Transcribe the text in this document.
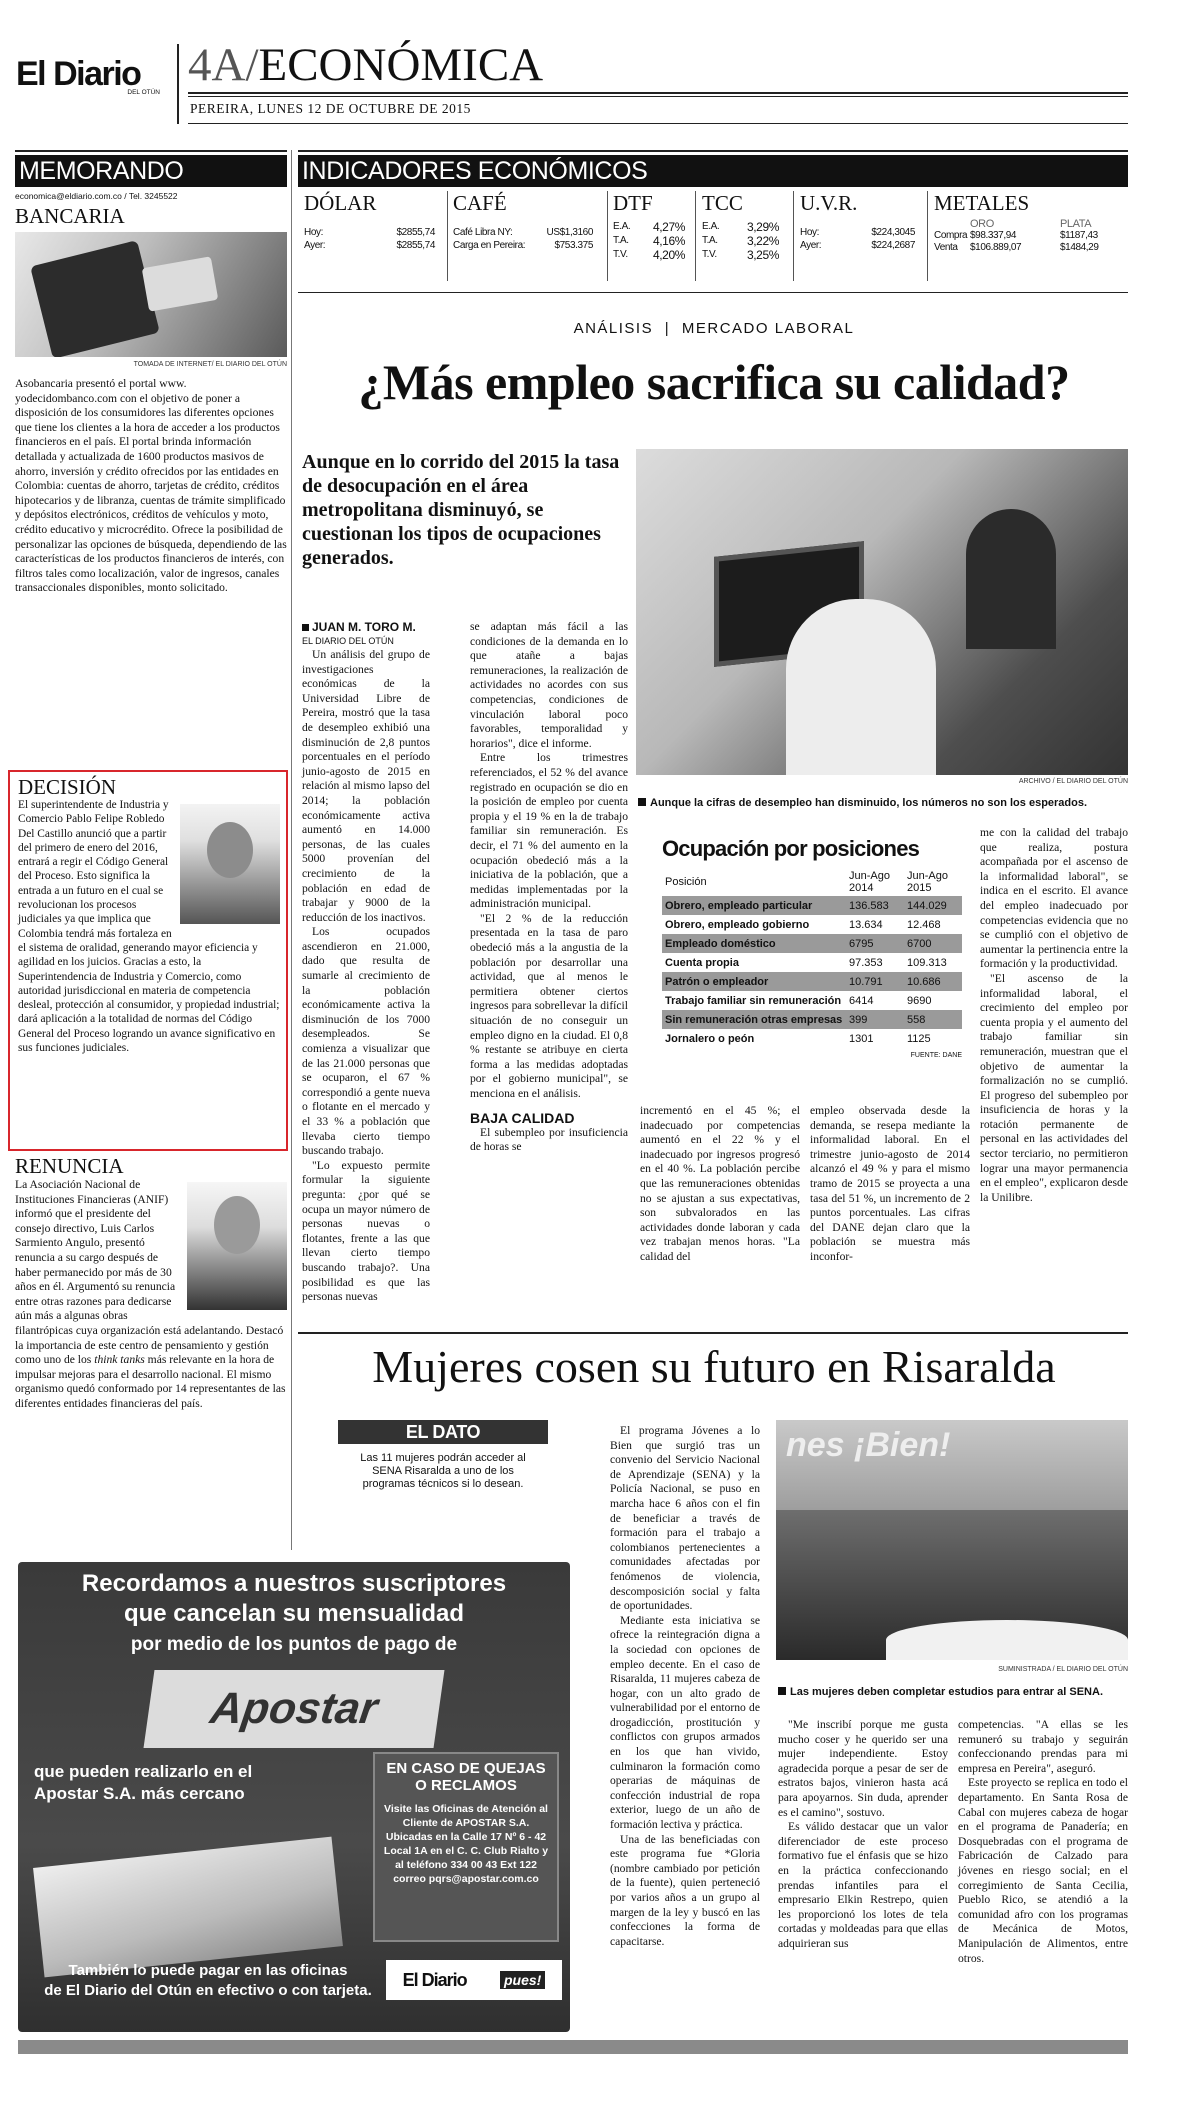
El Diario
DEL OTÚN
4A/ECONÓMICA
PEREIRA, LUNES 12 DE OCTUBRE DE 2015
MEMORANDO
economica@eldiario.com.co / Tel. 3245522
BANCARIA
TOMADA DE INTERNET/ EL DIARIO DEL OTÚN

Asobancaria presentó el portal www. yodecidombanco.com con el objetivo de poner a disposición de los consumidores las diferentes opciones que tiene los clientes a la hora de acceder a los productos financieros en el país. El portal brinda información detallada y actualizada de 1600 productos masivos de ahorro, inversión y crédito ofrecidos por las entidades en Colombia: cuentas de ahorro, tarjetas de crédito, créditos hipotecarios y de libranza, cuentas de trámite simplificado y depósitos electrónicos, créditos de vehículos y moto, crédito educativo y microcrédito. Ofrece la posibilidad de personalizar las opciones de búsqueda, dependiendo de las características de los productos financieros de interés, con filtros tales como localización, valor de ingresos, canales transaccionales disponibles, monto solicitado.

DECISIÓN

El superintendente de Industria y Comercio Pablo Felipe Robledo Del Castillo anunció que a partir del primero de enero del 2016, entrará a regir el Código General del Proceso. Esto significa la entrada a un futuro en el cual se revolucionan los procesos judiciales ya que implica que Colombia tendrá más fortaleza en el sistema de oralidad, generando mayor eficiencia y agilidad en los juicios. Gracias a esto, la Superintendencia de Industria y Comercio, como autoridad jurisdiccional en materia de competencia desleal, protección al consumidor, y propiedad industrial; dará aplicación a la totalidad de normas del Código General del Proceso logrando un avance significativo en sus funciones judiciales.

RENUNCIA

La Asociación Nacional de Instituciones Financieras (ANIF) informó que el presidente del consejo directivo, Luis Carlos Sarmiento Angulo, presentó renuncia a su cargo después de haber permanecido por más de 30 años en él. Argumentó su renuncia entre otras razones para dedicarse aún más a algunas obras filantrópicas cuya organización está adelantando. Destacó la importancia de este centro de pensamiento y gestión como uno de los think tanks más relevante en la hora de impulsar mejoras para el desarrollo nacional. El mismo organismo quedó conformado por 14 representantes de las diferentes entidades financieras del país.

INDICADORES ECONÓMICOS
DÓLAR
Hoy:	$2855,74
Ayer:	$2855,74
CAFÉ
Café Libra NY:	US$1,3160
Carga en Pereira:	$753.375
DTF
E.A. 4,27%
T.A. 4,16%
T.V. 4,20%
TCC
E.A. 3,29%
T.A. 3,22%
T.V.	3,25%
U.V.R.
Hoy:	$224,3045
Ayer:	$224,2687
METALES
ORO	PLATA
Compra $98.337,94	$1187,43
Venta	$106.889,07	$1484,29
ANÁLISIS | MERCADO LABORAL
¿Más empleo sacrifica su calidad?
Aunque en lo corrido del 2015 la tasa de desocupación en el área metropolitana disminuyó, se cuestionan los tipos de ocupaciones generados.
ARCHIVO / EL DIARIO DEL OTÚN
Aunque la cifras de desempleo han disminuido, los números no son los esperados.
JUAN M. TORO M.
EL DIARIO DEL OTÚN

Un análisis del grupo de investigaciones económicas de la Universidad Libre de Pereira, mostró que la tasa de desempleo exhibió una disminución de 2,8 puntos porcentuales en el período junio-agosto de 2015 en relación al mismo lapso del 2014; la población económicamente activa aumentó en 14.000 personas, de las cuales 5000 provenían del crecimiento de la población en edad de trabajar y 9000 de la reducción de los inactivos.

Los ocupados ascendieron en 21.000, dado que resulta de sumarle al crecimiento de la población económicamente activa la disminución de los 7000 desempleados. Se comienza a visualizar que de las 21.000 personas que se ocuparon, el 67 % correspondió a gente nueva o flotante en el mercado y el 33 % a población que llevaba cierto tiempo buscando trabajo.

"Lo expuesto permite formular la siguiente pregunta: ¿por qué se ocupa un mayor número de personas nuevas o flotantes, frente a las que llevan cierto tiempo buscando trabajo?. Una posibilidad es que las personas nuevas

se adaptan más fácil a las condiciones de la demanda en lo que atañe a bajas remuneraciones, la realización de actividades no acordes con sus competencias, condiciones de vinculación laboral poco favorables, temporalidad y horarios", dice el informe.

Entre los trimestres referenciados, el 52 % del avance registrado en ocupación se dio en la posición de empleo por cuenta propia y el 19 % en la de trabajo familiar sin remuneración. Es decir, el 71 % del aumento en la ocupación obedeció más a la iniciativa de la población, que a medidas implementadas por la administración municipal.

"El 2 % de la reducción presentada en la tasa de paro obedeció más a la angustia de la población por desarrollar una actividad, que al menos le permitiera obtener ciertos ingresos para sobrellevar la difícil situación de no conseguir un empleo digno en la ciudad. El 0,8 % restante se atribuye en cierta forma a las medidas adoptadas por el gobierno municipal", se menciona en el análisis.

BAJA CALIDAD

El subempleo por insuficiencia de horas se

Ocupación por posiciones
Posición	Jun-Ago 2014	Jun-Ago 2015
Obrero, empleado particular	136.583	144.029
Obrero, empleado gobierno	13.634	12.468
Empleado doméstico	6795	6700
Cuenta propia	97.353	109.313
Patrón o empleador	10.791	10.686
Trabajo familiar sin remuneración	6414	9690
Sin remuneración otras empresas	399	558
Jornalero o peón	1301	1125
FUENTE: DANE

incrementó en el 45 %; el inadecuado por competencias aumentó en el 22 % y el inadecuado por ingresos progresó en el 40 %. La población percibe que las remuneraciones obtenidas no se ajustan a sus expectativas, son subvalorados en las actividades donde laboran y cada vez trabajan menos horas. "La calidad del

empleo observada desde la demanda, se resepa mediante la informalidad laboral. En el trimestre junio-agosto de 2014 alcanzó el 49 % y para el mismo tramo de 2015 se proyecta a una tasa del 51 %, un incremento de 2 puntos porcentuales. Las cifras del DANE dejan claro que la población se muestra más inconfor-

me con la calidad del trabajo que realiza, postura acompañada por el ascenso de la informalidad laboral", se indica en el escrito. El avance del empleo inadecuado por competencias evidencia que no se cumplió con el objetivo de aumentar la pertinencia entre la formación y la productividad.

"El ascenso de la informalidad laboral, el crecimiento del empleo por cuenta propia y el aumento del trabajo familiar sin remuneración, muestran que el objetivo de aumentar la formalización no se cumplió. El progreso del subempleo por insuficiencia de horas y la rotación permanente de personal en las actividades del sector terciario, no permitieron lograr una mayor permanencia en el empleo", explicaron desde la Unilibre.

Mujeres cosen su futuro en Risaralda
EL DATO
Las 11 mujeres podrán acceder al SENA Risaralda a uno de los programas técnicos si lo desean.

El programa Jóvenes a lo Bien que surgió tras un convenio del Servicio Nacional de Aprendizaje (SENA) y la Policía Nacional, se puso en marcha hace 6 años con el fin de beneficiar a través de formación para el trabajo a colombianos pertenecientes a comunidades afectadas por fenómenos de violencia, descomposición social y falta de oportunidades.

Mediante esta iniciativa se ofrece la reintegración digna a la sociedad con opciones de empleo decente. En el caso de Risaralda, 11 mujeres cabeza de hogar, con un alto grado de vulnerabilidad por el entorno de drogadicción, prostitución y conflictos con grupos armados en los que han vivido, culminaron la formación como operarias de máquinas de confección industrial de ropa exterior, luego de un año de formación lectiva y práctica.

Una de las beneficiadas con este programa fue *Gloria (nombre cambiado por petición de la fuente), quien perteneció por varios años a un grupo al margen de la ley y buscó en las confecciones la forma de capacitarse.

nes ¡Bien!
SUMINISTRADA / EL DIARIO DEL OTÚN
Las mujeres deben completar estudios para entrar al SENA.

"Me inscribí porque me gusta mucho coser y he querido ser una mujer independiente. Estoy agradecida porque a pesar de ser de estratos bajos, vinieron hasta acá para apoyarnos. Sin duda, aprender es el camino", sostuvo.

Es válido destacar que un valor diferenciador de este proceso formativo fue el énfasis que se hizo en la práctica confeccionando prendas infantiles para el empresario Elkin Restrepo, quien les proporcionó los lotes de tela cortadas y moldeadas para que ellas adquirieran sus

competencias. "A ellas se les remuneró su trabajo y seguirán confeccionando prendas para mi empresa en Pereira", aseguró.

Este proyecto se replica en todo el departamento. En Santa Rosa de Cabal con mujeres cabeza de hogar en el programa de Panadería; en Dosquebradas con el programa de Fabricación de Calzado para jóvenes en riesgo social; en el corregimiento de Santa Cecilia, Pueblo Rico, se atendió a la comunidad afro con los programas de Mecánica de Motos, Manipulación de Alimentos, entre otros.

Recordamos a nuestros suscriptores
que cancelan su mensualidad
por medio de los puntos de pago de
Apostar
que pueden realizarlo en el
Apostar S.A. más cercano
EN CASO DE QUEJAS
O RECLAMOS
Visite las Oficinas de Atención al Cliente de APOSTAR S.A. Ubicadas en la Calle 17 Nº 6 - 42 Local 1A en el C. C. Club Rialto y al teléfono 334 00 43 Ext 122 correo pqrs@apostar.com.co
También lo puede pagar en las oficinas
de El Diario del Otún en efectivo o con tarjeta.
El Diario	pues!
